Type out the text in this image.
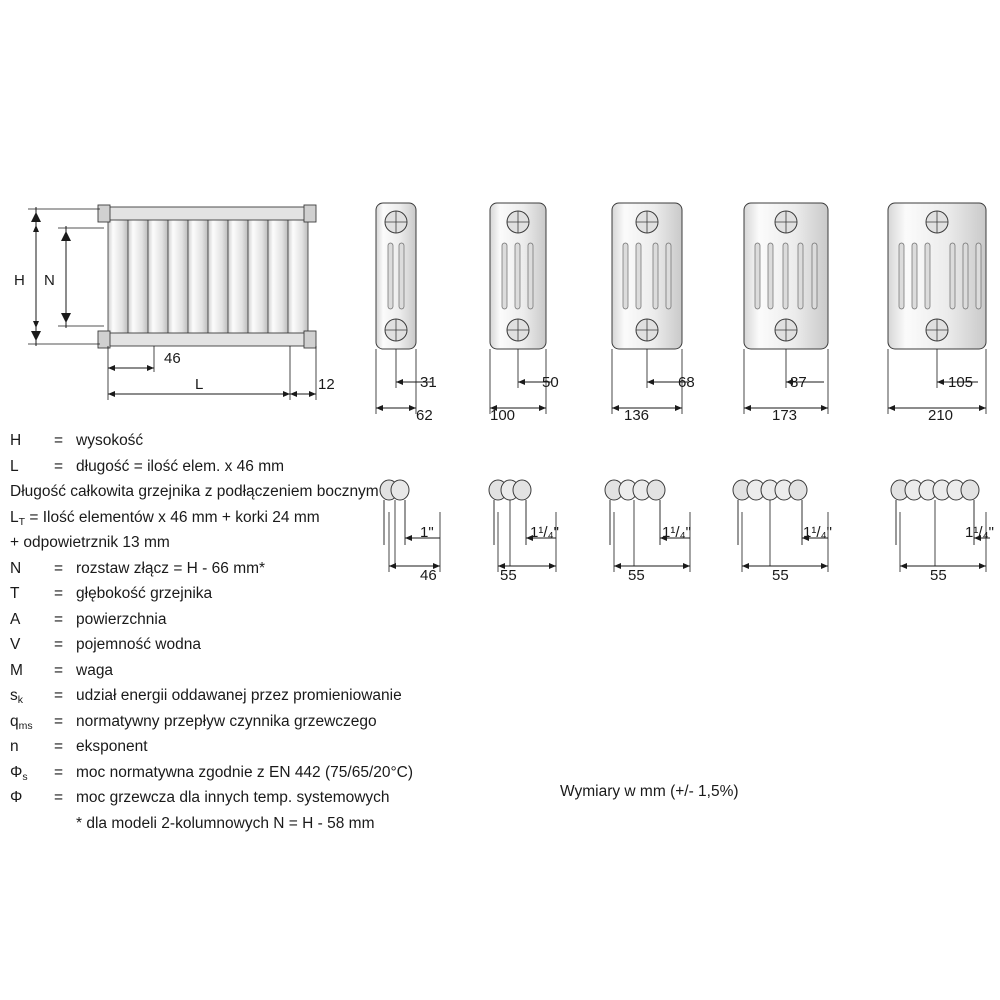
H N
46
L	12	31
62
1"
46
50
100
1¹/₄"
55
68
136
1¹/₄"
55
87
173
1¹/₄"
55
105
210
1¹/₄"
55
H	= wysokość
L	= długość = ilość elem. x 46 mm
Długość całkowita grzejnika z podłączeniem bocznym
$L_T$ = Ilość elementów x 46 mm + korki 24 mm
+ odpowietrznik 13 mm
N	= rozstaw złącz = H - 66 mm*
T	= głębokość grzejnika
A	= powierzchnia
V	= pojemność wodna
M	= waga
$s_k$	= udział energii oddawanej przez promieniowanie
$q_{ms}$	= normatywny przepływ czynnika grzewczego
n	= eksponent
$\Phi_s$	= moc normatywna zgodnie z EN 442 (75/65/20°C)
Φ	= moc grzewcza dla innych temp. systemowych
* dla modeli 2-kolumnowych N = H - 58 mm
Wymiary w mm (+/- 1,5%)
